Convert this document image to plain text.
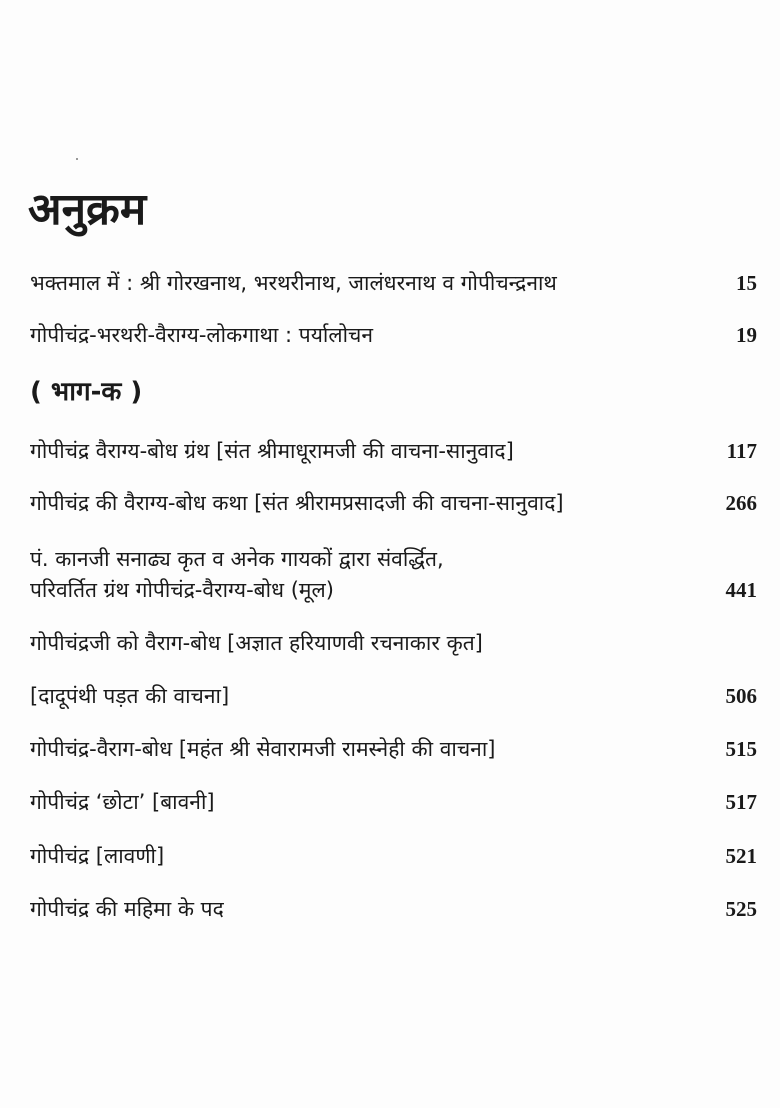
अनुक्रम
भक्तमाल में : श्री गोरखनाथ, भरथरीनाथ, जालंधरनाथ व गोपीचन्द्रनाथ	15
गोपीचंद्र-भरथरी-वैराग्य-लोकगाथा : पर्यालोचन	19
( भाग-क )
गोपीचंद्र वैराग्य-बोध ग्रंथ [संत श्रीमाधूरामजी की वाचना-सानुवाद]	117
गोपीचंद्र की वैराग्य-बोध कथा [संत श्रीरामप्रसादजी की वाचना-सानुवाद]	266
पं. कानजी सनाढ्य कृत व अनेक गायकों द्वारा संवर्द्धित,
परिवर्तित ग्रंथ गोपीचंद्र-वैराग्य-बोध (मूल)	441
गोपीचंद्रजी को वैराग-बोध [अज्ञात हरियाणवी रचनाकार कृत]
[दादूपंथी पड़त की वाचना]	506
गोपीचंद्र-वैराग-बोध [महंत श्री सेवारामजी रामस्नेही की वाचना]	515
गोपीचंद्र ‘छोटा’ [बावनी]	517
गोपीचंद्र [लावणी]	521
गोपीचंद्र की महिमा के पद	525
